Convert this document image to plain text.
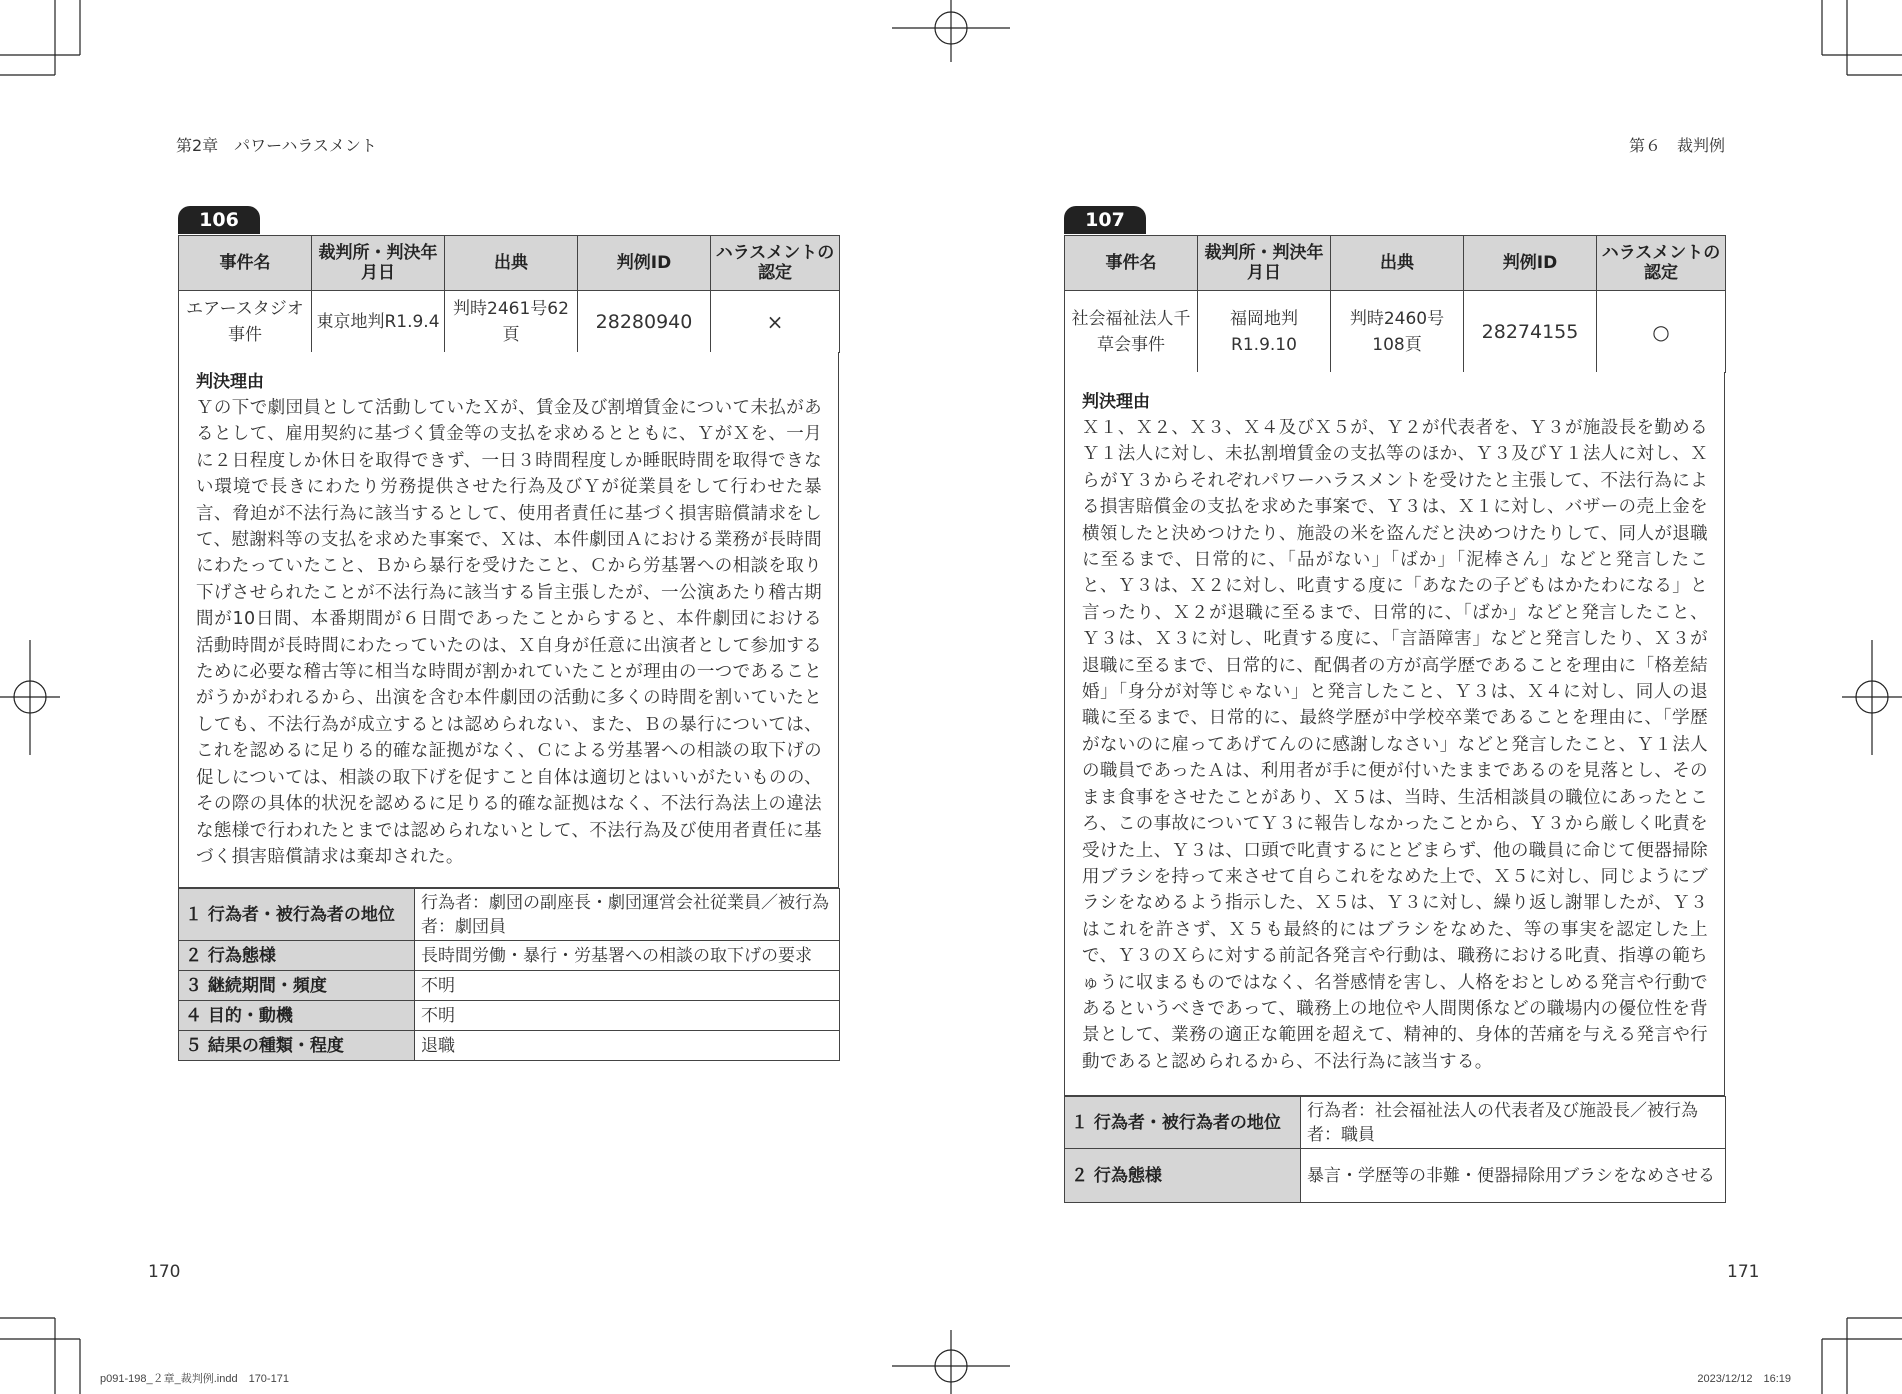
第2章　パワーハラスメント
106
事件名	裁判所・判決年月日	出典	判例ID	ハラスメントの認定
エアースタジオ事件	東京地判R1.9.4	判時2461号62頁	28280940	×
判決理由
Ｙの下で劇団員として活動していたＸが、賃金及び割増賃金について未払があるとして、雇用契約に基づく賃金等の支払を求めるとともに、ＹがＸを、一月に２日程度しか休日を取得できず、一日３時間程度しか睡眠時間を取得できない環境で長きにわたり労務提供させた行為及びＹが従業員をして行わせた暴言、脅迫が不法行為に該当するとして、使用者責任に基づく損害賠償請求をして、慰謝料等の支払を求めた事案で、Ｘは、本件劇団Ａにおける業務が長時間にわたっていたこと、Ｂから暴行を受けたこと、Ｃから労基署への相談を取り下げさせられたことが不法行為に該当する旨主張したが、一公演あたり稽古期間が10日間、本番期間が６日間であったことからすると、本件劇団における活動時間が長時間にわたっていたのは、Ｘ自身が任意に出演者として参加するために必要な稽古等に相当な時間が割かれていたことが理由の一つであることがうかがわれるから、出演を含む本件劇団の活動に多くの時間を割いていたとしても、不法行為が成立するとは認められない、また、Ｂの暴行については、これを認めるに足りる的確な証拠がなく、Ｃによる労基署への相談の取下げの促しについては、相談の取下げを促すこと自体は適切とはいいがたいものの、その際の具体的状況を認めるに足りる的確な証拠はなく、不法行為法上の違法な態様で行われたとまでは認められないとして、不法行為及び使用者責任に基づく損害賠償請求は棄却された。
１ 行為者・被行為者の地位	行為者：劇団の副座長・劇団運営会社従業員／被行為者：劇団員
２ 行為態様	長時間労働・暴行・労基署への相談の取下げの要求
３ 継続期間・頻度	不明
４ 目的・動機	不明
５ 結果の種類・程度	退職
170
第６　裁判例
107
事件名	裁判所・判決年月日	出典	判例ID	ハラスメントの認定
社会福祉法人千草会事件	福岡地判R1.9.10	判時2460号108頁	28274155	○
判決理由
Ｘ１、Ｘ２、Ｘ３、Ｘ４及びＸ５が、Ｙ２が代表者を、Ｙ３が施設長を勤めるＹ１法人に対し、未払割増賃金の支払等のほか、Ｙ３及びＹ１法人に対し、ＸらがＹ３からそれぞれパワーハラスメントを受けたと主張して、不法行為による損害賠償金の支払を求めた事案で、Ｙ３は、Ｘ１に対し、バザーの売上金を横領したと決めつけたり、施設の米を盗んだと決めつけたりして、同人が退職に至るまで、日常的に、「品がない」「ばか」「泥棒さん」などと発言したこと、Ｙ３は、Ｘ２に対し、叱責する度に「あなたの子どもはかたわになる」と言ったり、Ｘ２が退職に至るまで、日常的に、「ばか」などと発言したこと、Ｙ３は、Ｘ３に対し、叱責する度に、「言語障害」などと発言したり、Ｘ３が退職に至るまで、日常的に、配偶者の方が高学歴であることを理由に「格差結婚」「身分が対等じゃない」と発言したこと、Ｙ３は、Ｘ４に対し、同人の退職に至るまで、日常的に、最終学歴が中学校卒業であることを理由に、「学歴がないのに雇ってあげてんのに感謝しなさい」などと発言したこと、Ｙ１法人の職員であったＡは、利用者が手に便が付いたままであるのを見落とし、そのまま食事をさせたことがあり、Ｘ５は、当時、生活相談員の職位にあったところ、この事故についてＹ３に報告しなかったことから、Ｙ３から厳しく叱責を受けた上、Ｙ３は、口頭で叱責するにとどまらず、他の職員に命じて便器掃除用ブラシを持って来させて自らこれをなめた上で、Ｘ５に対し、同じようにブラシをなめるよう指示した、Ｘ５は、Ｙ３に対し、繰り返し謝罪したが、Ｙ３はこれを許さず、Ｘ５も最終的にはブラシをなめた、等の事実を認定した上で、Ｙ３のＸらに対する前記各発言や行動は、職務における叱責、指導の範ちゅうに収まるものではなく、名誉感情を害し、人格をおとしめる発言や行動であるというべきであって、職務上の地位や人間関係などの職場内の優位性を背景として、業務の適正な範囲を超えて、精神的、身体的苦痛を与える発言や行動であると認められるから、不法行為に該当する。
１ 行為者・被行為者の地位	行為者：社会福祉法人の代表者及び施設長／被行為者：職員
２ 行為態様	暴言・学歴等の非難・便器掃除用ブラシをなめさせる
171
p091-198_２章_裁判例.indd　170-171	2023/12/12　16:19
